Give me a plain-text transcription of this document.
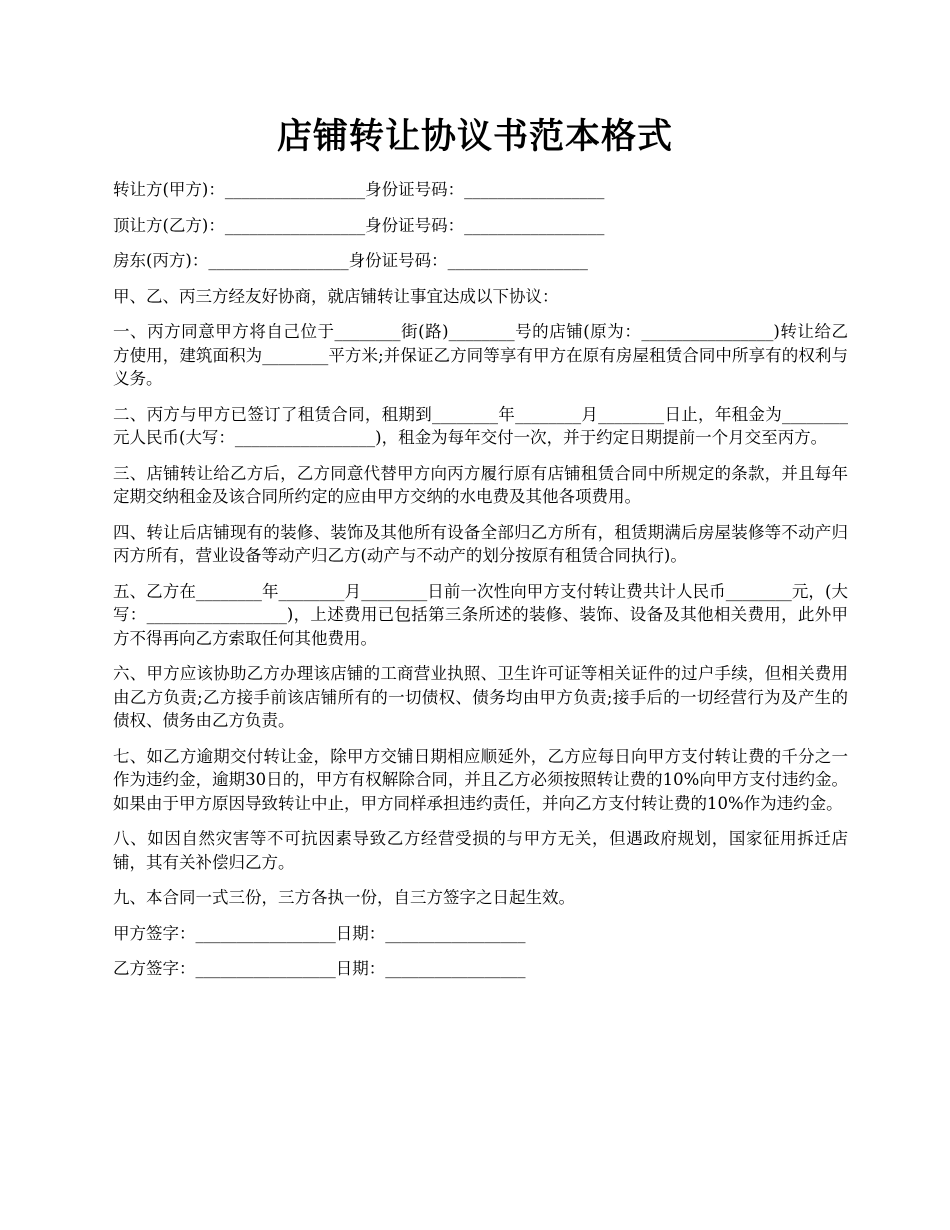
店铺转让协议书范本格式

转让方(甲方)：_________________身份证号码：_________________

顶让方(乙方)：_________________身份证号码：_________________

房东(丙方)：_________________身份证号码：_________________

甲、乙、丙三方经友好协商，就店铺转让事宜达成以下协议：

一、丙方同意甲方将自己位于________街(路)________号的店铺(原为：________________)转让给乙方使用，建筑面积为________平方米;并保证乙方同等享有甲方在原有房屋租赁合同中所享有的权利与义务。

二、丙方与甲方已签订了租赁合同，租期到________年________月________日止，年租金为________元人民币(大写：_________________)，租金为每年交付一次，并于约定日期提前一个月交至丙方。

三、店铺转让给乙方后，乙方同意代替甲方向丙方履行原有店铺租赁合同中所规定的条款，并且每年定期交纳租金及该合同所约定的应由甲方交纳的水电费及其他各项费用。

四、转让后店铺现有的装修、装饰及其他所有设备全部归乙方所有，租赁期满后房屋装修等不动产归丙方所有，营业设备等动产归乙方(动产与不动产的划分按原有租赁合同执行)。

五、乙方在________年________月________日前一次性向甲方支付转让费共计人民币________元，(大写：_________________)，上述费用已包括第三条所述的装修、装饰、设备及其他相关费用，此外甲方不得再向乙方索取任何其他费用。

六、甲方应该协助乙方办理该店铺的工商营业执照、卫生许可证等相关证件的过户手续，但相关费用由乙方负责;乙方接手前该店铺所有的一切债权、债务均由甲方负责;接手后的一切经营行为及产生的债权、债务由乙方负责。

七、如乙方逾期交付转让金，除甲方交铺日期相应顺延外，乙方应每日向甲方支付转让费的千分之一作为违约金，逾期30日的，甲方有权解除合同，并且乙方必须按照转让费的10%向甲方支付违约金。如果由于甲方原因导致转让中止，甲方同样承担违约责任，并向乙方支付转让费的10%作为违约金。

八、如因自然灾害等不可抗因素导致乙方经营受损的与甲方无关，但遇政府规划，国家征用拆迁店铺，其有关补偿归乙方。

九、本合同一式三份，三方各执一份，自三方签字之日起生效。

甲方签字：_________________日期：_________________

乙方签字：_________________日期：_________________
